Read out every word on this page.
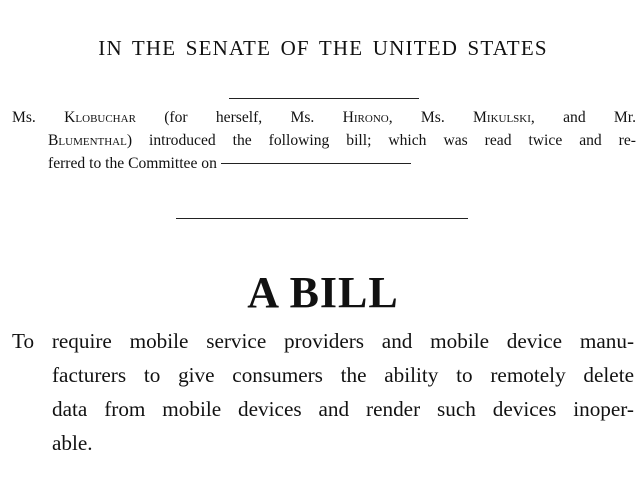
IN THE SENATE OF THE UNITED STATES
Ms. Klobuchar (for herself, Ms. Hirono, Ms. Mikulski, and Mr.
Blumenthal) introduced the following bill; which was read twice and re-
ferred to the Committee on
A BILL
To require mobile service providers and mobile device manu-
facturers to give consumers the ability to remotely delete
data from mobile devices and render such devices inoper-
able.
